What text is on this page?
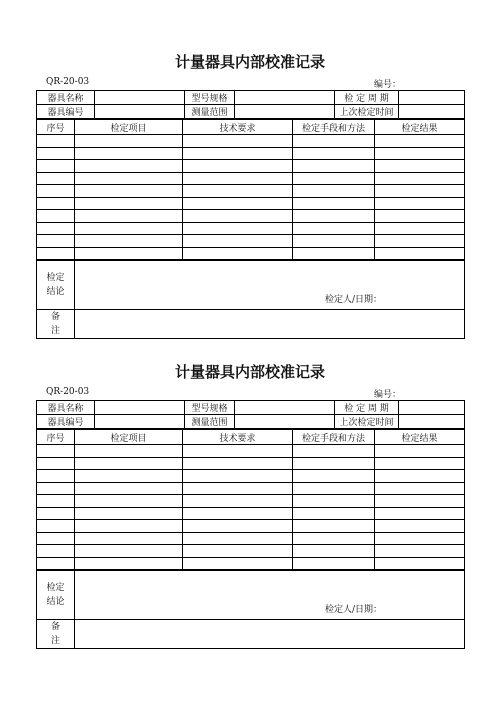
计量器具内部校准记录
QR-20-03	编号：
器具名称		型号规格		检 定 周 期	
器具编号		测量范围		上次检定时间	
序号	检定项目	技术要求	检定手段和方法	检定结果

检定
结论	检定人/日期：

备
注	

计量器具内部校准记录
QR-20-03	编号：
器具名称		型号规格		检 定 周 期	
器具编号		测量范围		上次检定时间	
序号	检定项目	技术要求	检定手段和方法	检定结果

检定
结论	检定人/日期：

备
注	
